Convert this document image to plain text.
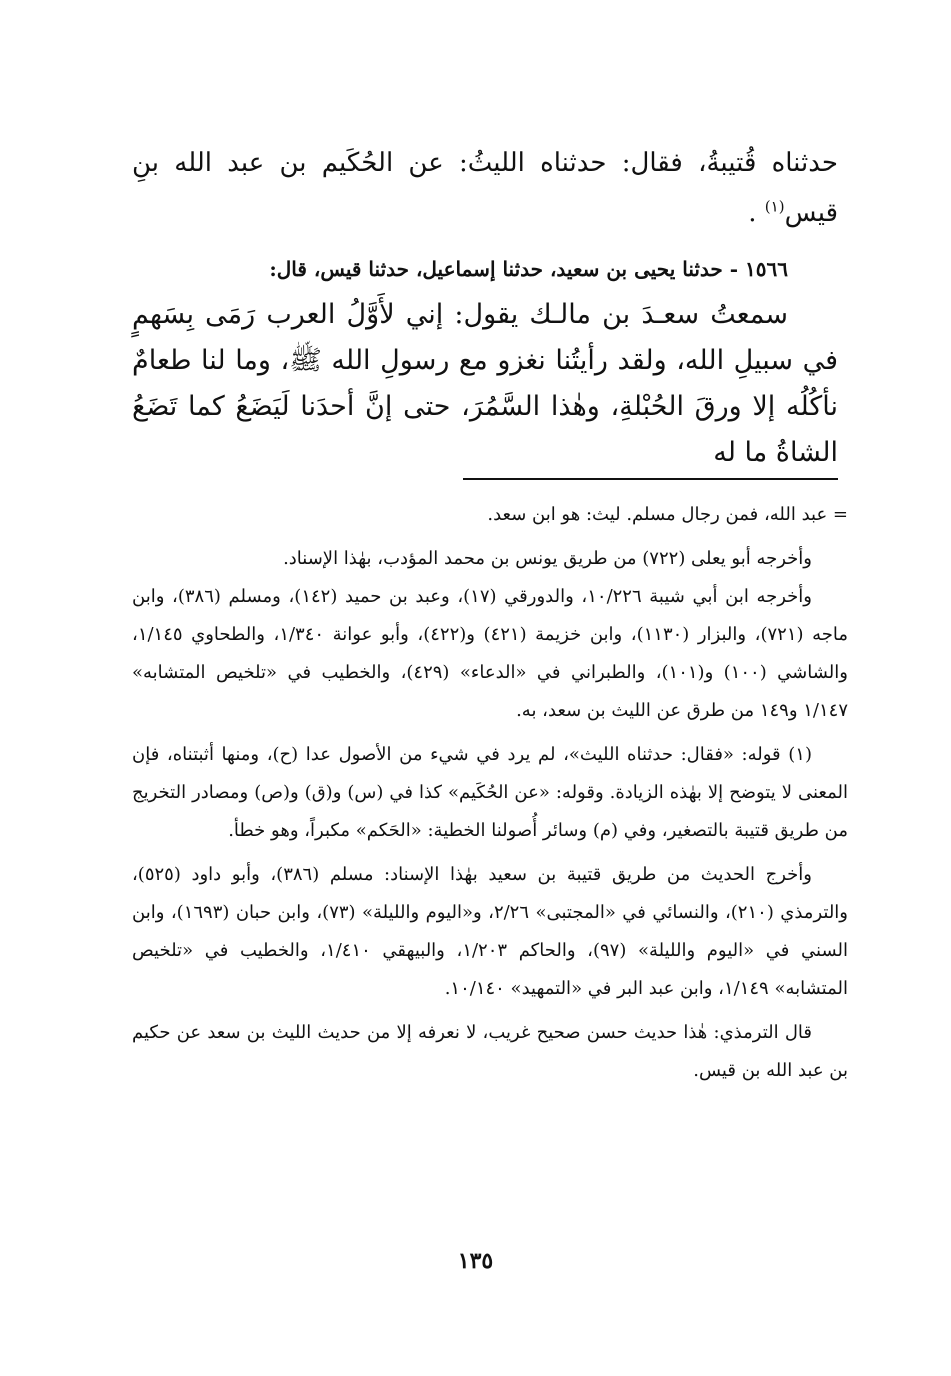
حدثناه قُتيبةُ، فقال: حدثناه الليثُ: عن الحُكَيم بن عبد الله بنِ قيس$^{(١)}$ .

١٥٦٦ - حدثنا يحيى بن سعيد، حدثنا إسماعيل، حدثنا قيس، قال:

سمعتُ سعـدَ بن مالـك يقول: إني لأَوَّلُ العرب رَمَى بِسَهمٍ في سبيلِ الله، ولقد رأيتُنا نغزو مع رسولِ الله ﷺ، وما لنا طعامٌ نأكُلُه إلا ورقَ الحُبْلةِ، وهٰذا السَّمُرَ، حتى إنَّ أحدَنا لَيَضَعُ كما تَضَعُ الشاةُ ما له

= عبد الله، فمن رجال مسلم. ليث: هو ابن سعد.

وأخرجه أبو يعلى (٧٢٢) من طريق يونس بن محمد المؤدب، بهٰذا الإسناد.

وأخرجه ابن أبي شيبة ١٠/٢٢٦، والدورقي (١٧)، وعبد بن حميد (١٤٢)، ومسلم (٣٨٦)، وابن ماجه (٧٢١)، والبزار (١١٣٠)، وابن خزيمة (٤٢١) و(٤٢٢)، وأبو عوانة ١/٣٤٠، والطحاوي ١/١٤٥، والشاشي (١٠٠) و(١٠١)، والطبراني في «الدعاء» (٤٢٩)، والخطيب في «تلخيص المتشابه» ١/١٤٧ و١٤٩ من طرق عن الليث بن سعد، به.

(١) قوله: «فقال: حدثناه الليث»، لم يرد في شيء من الأصول عدا (ح)، ومنها أثبتناه، فإن المعنى لا يتوضح إلا بهٰذه الزيادة. وقوله: «عن الحُكَيم» كذا في (س) و(ق) و(ص) ومصادر التخريج من طريق قتيبة بالتصغير، وفي (م) وسائر أُصولنا الخطية: «الحَكم» مكبراً، وهو خطأ.

وأخرج الحديث من طريق قتيبة بن سعيد بهٰذا الإسناد: مسلم (٣٨٦)، وأبو داود (٥٢٥)، والترمذي (٢١٠)، والنسائي في «المجتبى» ٢/٢٦، و«اليوم والليلة» (٧٣)، وابن حبان (١٦٩٣)، وابن السني في «اليوم والليلة» (٩٧)، والحاكم ١/٢٠٣، والبيهقي ١/٤١٠، والخطيب في «تلخيص المتشابه» ١/١٤٩، وابن عبد البر في «التمهيد» ١٠/١٤٠.

قال الترمذي: هٰذا حديث حسن صحيح غريب، لا نعرفه إلا من حديث الليث بن سعد عن حكيم بن عبد الله بن قيس.

١٣٥
